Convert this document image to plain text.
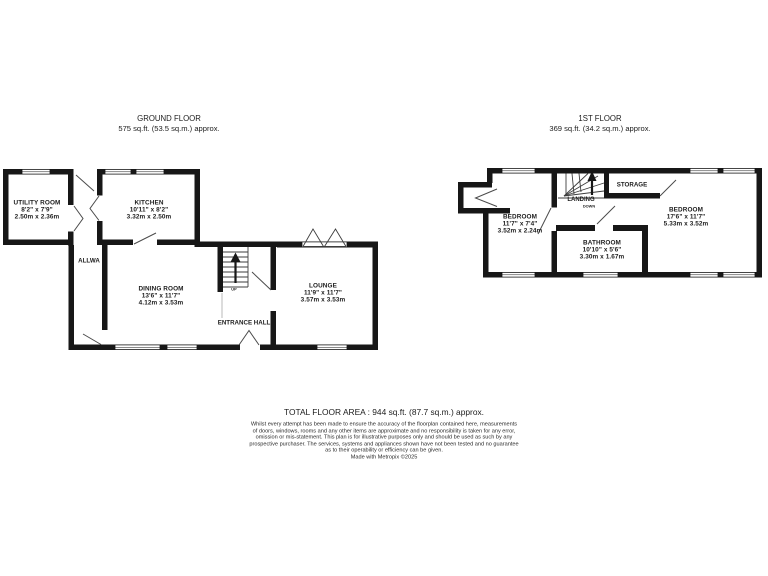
GROUND FLOOR
575 sq.ft. (53.5 sq.m.) approx.
1ST FLOOR
369 sq.ft. (34.2 sq.m.) approx.
UTILITY ROOM
8'2" x 7'9"
2.50m x 2.36m
KITCHEN
10'11" x 8'2"
3.32m x 2.50m
DINING ROOM
13'6" x 11'7"
4.12m x 3.53m
LOUNGE
11'9" x 11'7"
3.57m x 3.53m
ALLWA
ENTRANCE HALL
UP
BEDROOM
11'7" x 7'4"
3.52m x 2.24m
BEDROOM
17'6" x 11'7"
5.33m x 3.52m
BATHROOM
10'10" x 5'6"
3.30m x 1.67m
STORAGE
LANDING
DOWN
TOTAL FLOOR AREA : 944 sq.ft. (87.7 sq.m.) approx.
Whilst every attempt has been made to ensure the accuracy of the floorplan contained here, measurements
of doors, windows, rooms and any other items are approximate and no responsibility is taken for any error,
omission or mis-statement. This plan is for illustrative purposes only and should be used as such by any
prospective purchaser. The services, systems and appliances shown have not been tested and no guarantee
as to their operability or efficiency can be given.
Made with Metropix ©2025
